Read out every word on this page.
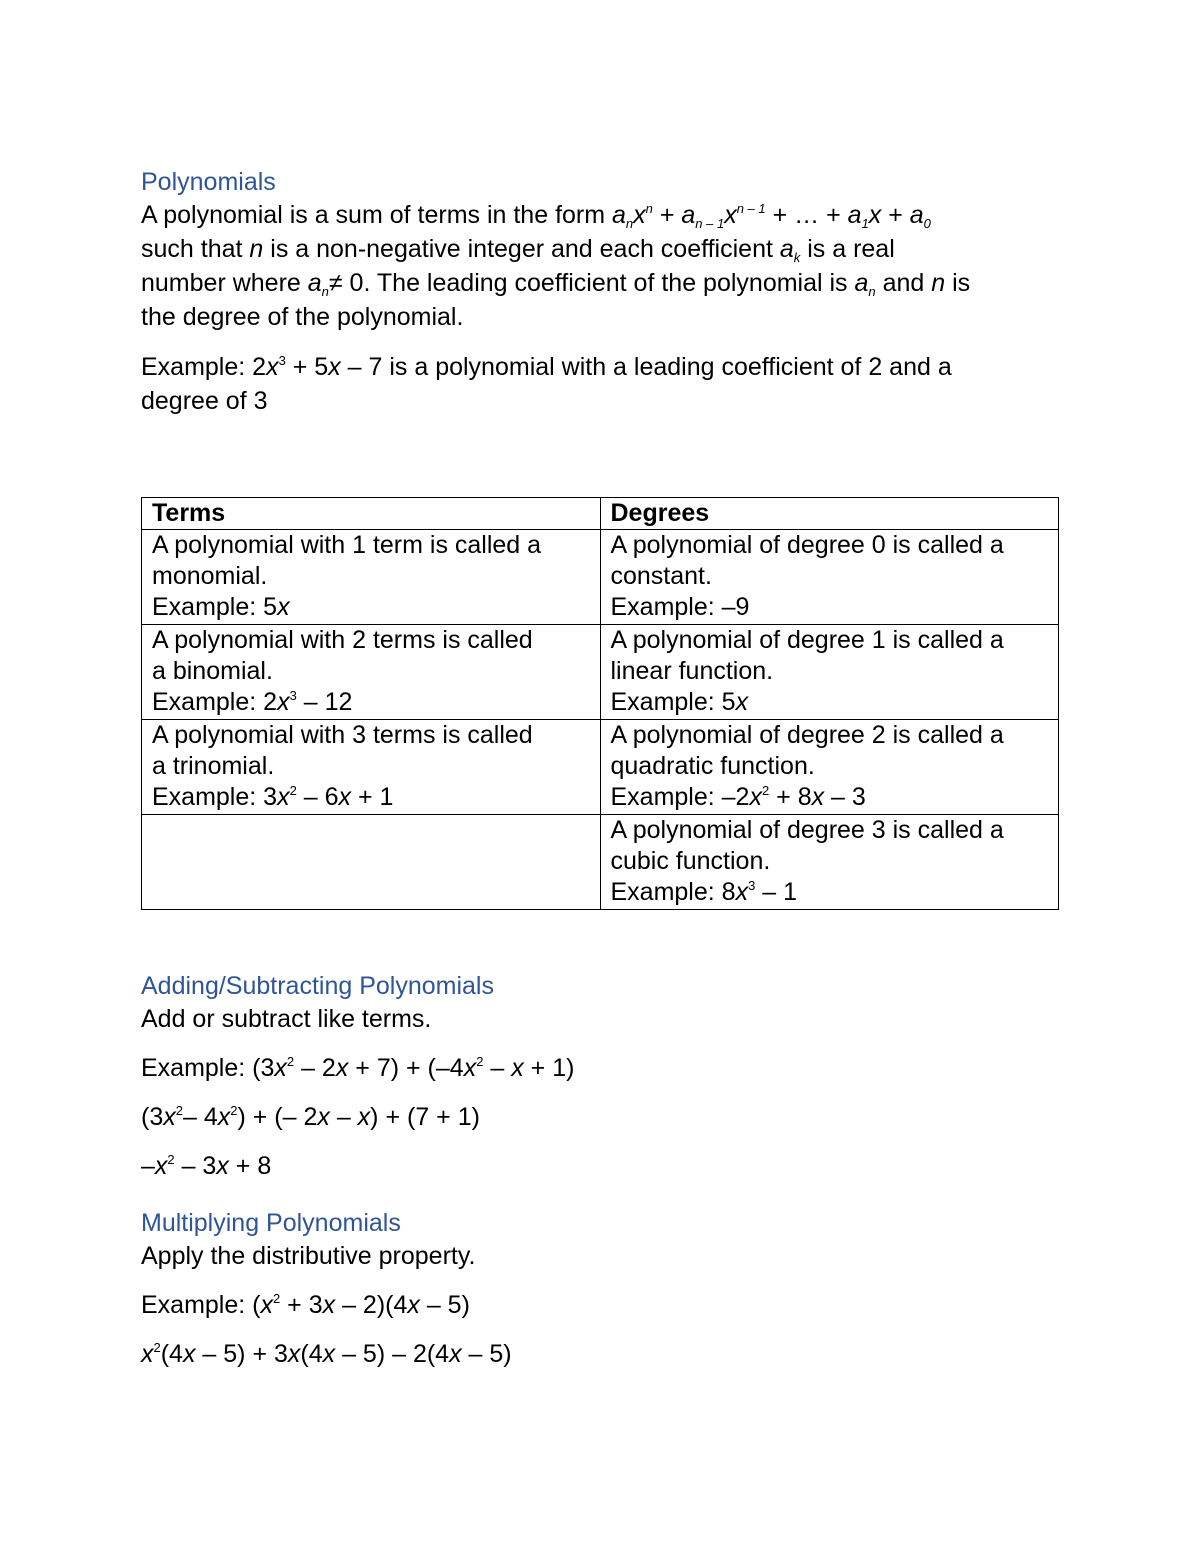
Polynomials

A polynomial is a sum of terms in the form $a_nx^n + a_{n - 1}x^{n - 1}$ + … + $a_1x + a_0$
such that n is a non-negative integer and each coefficient $a_k$ is a real
number where $a_n\ne 0$. The leading coefficient of the polynomial is $a_n$ and n is
the degree of the polynomial.

Example: $2x^3 + 5x - 7$ is a polynomial with a leading coefficient of 2 and a
degree of 3

Terms	Degrees

A polynomial with 1 term is called a
monomial.
Example: 5x	A polynomial of degree 0 is called a
constant.
Example: –9

A polynomial with 2 terms is called
a binomial.
Example: $2x^3 - 12$	A polynomial of degree 1 is called a
linear function.
Example: 5x

A polynomial with 3 terms is called
a trinomial.
Example: $3x^2 - 6x + 1$	A polynomial of degree 2 is called a
quadratic function.
Example: $-2x^2 + 8x - 3$

	A polynomial of degree 3 is called a
cubic function.
Example: $8x^3 - 1$
Adding/Subtracting Polynomials

Add or subtract like terms.

Example: $(3x^2 - 2x + 7) + (-4x^2 - x + 1)$

($3x^2-$ $4x^2$) + (– 2x – x) + (7 + 1)

$-x^2 - 3x + 8$

Multiplying Polynomials

Apply the distributive property.

Example: $(x^2 + 3x - 2)(4x - 5)$

$x^2(4x - 5) + 3x(4x - 5) - 2(4x - 5)$
